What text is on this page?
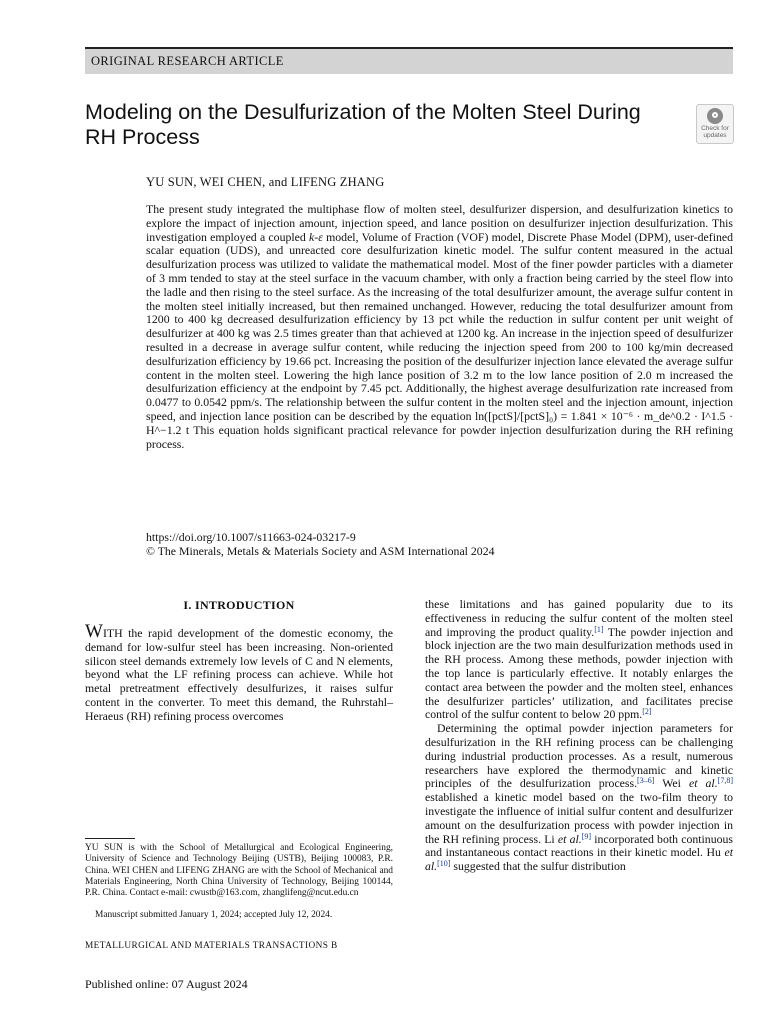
ORIGINAL RESEARCH ARTICLE
Modeling on the Desulfurization of the Molten Steel During RH Process	Check for
updates
YU SUN, WEI CHEN, and LIFENG ZHANG

The present study integrated the multiphase flow of molten steel, desulfurizer dispersion, and desulfurization kinetics to explore the impact of injection amount, injection speed, and lance position on desulfurizer injection desulfurization. This investigation employed a coupled k-ε model, Volume of Fraction (VOF) model, Discrete Phase Model (DPM), user-defined scalar equation (UDS), and unreacted core desulfurization kinetic model. The sulfur content measured in the actual desulfurization process was utilized to validate the mathematical model. Most of the finer powder particles with a diameter of 3 mm tended to stay at the steel surface in the vacuum chamber, with only a fraction being carried by the steel flow into the ladle and then rising to the steel surface. As the increasing of the total desulfurizer amount, the average sulfur content in the molten steel initially increased, but then remained unchanged. However, reducing the total desulfurizer amount from 1200 to 400 kg decreased desulfurization efficiency by 13 pct while the reduction in sulfur content per unit weight of desulfurizer at 400 kg was 2.5 times greater than that achieved at 1200 kg. An increase in the injection speed of desulfurizer resulted in a decrease in average sulfur content, while reducing the injection speed from 200 to 100 kg/min decreased desulfurization efficiency by 19.66 pct. Increasing the position of the desulfurizer injection lance elevated the average sulfur content in the molten steel. Lowering the high lance position of 3.2 m to the low lance position of 2.0 m increased the desulfurization efficiency at the endpoint by 7.45 pct. Additionally, the highest average desulfurization rate increased from 0.0477 to 0.0542 ppm/s. The relationship between the sulfur content in the molten steel and the injection amount, injection speed, and injection lance position can be described by the equation ln([pctS]/[pctS]₀) = 1.841 × 10⁻⁶ · m_de^0.2 · I^1.5 · H^−1.2 t This equation holds significant practical relevance for powder injection desulfurization during the RH refining process.

https://doi.org/10.1007/s11663-024-03217-9
© The Minerals, Metals & Materials Society and ASM International 2024
I. INTRODUCTION

WITH the rapid development of the domestic economy, the demand for low-sulfur steel has been increasing. Non-oriented silicon steel demands extremely low levels of C and N elements, beyond what the LF refining process can achieve. While hot metal pretreatment effectively desulfurizes, it raises sulfur content in the converter. To meet this demand, the Ruhrstahl–Heraeus (RH) refining process overcomes

these limitations and has gained popularity due to its effectiveness in reducing the sulfur content of the molten steel and improving the product quality.[1] The powder injection and block injection are the two main desulfurization methods used in the RH process. Among these methods, powder injection with the top lance is particularly effective. It notably enlarges the contact area between the powder and the molten steel, enhances the desulfurizer particles’ utilization, and facilitates precise control of the sulfur content to below 20 ppm.[2]

Determining the optimal powder injection parameters for desulfurization in the RH refining process can be challenging during industrial production processes. As a result, numerous researchers have explored the thermodynamic and kinetic principles of the desulfurization process.[3–6] Wei et al.[7,8] established a kinetic model based on the two-film theory to investigate the influence of initial sulfur content and desulfurizer amount on the desulfurization process with powder injection in the RH refining process. Li et al.[9] incorporated both continuous and instantaneous contact reactions in their kinetic model. Hu et al.[10] suggested that the sulfur distribution

YU SUN is with the School of Metallurgical and Ecological Engineering, University of Science and Technology Beijing (USTB), Beijing 100083, P.R. China. WEI CHEN and LIFENG ZHANG are with the School of Mechanical and Materials Engineering, North China University of Technology, Beijing 100144, P.R. China. Contact e-mail: cwustb@163.com, zhanglifeng@ncut.edu.cn

Manuscript submitted January 1, 2024; accepted July 12, 2024.

METALLURGICAL AND MATERIALS TRANSACTIONS B
Published online: 07 August 2024
